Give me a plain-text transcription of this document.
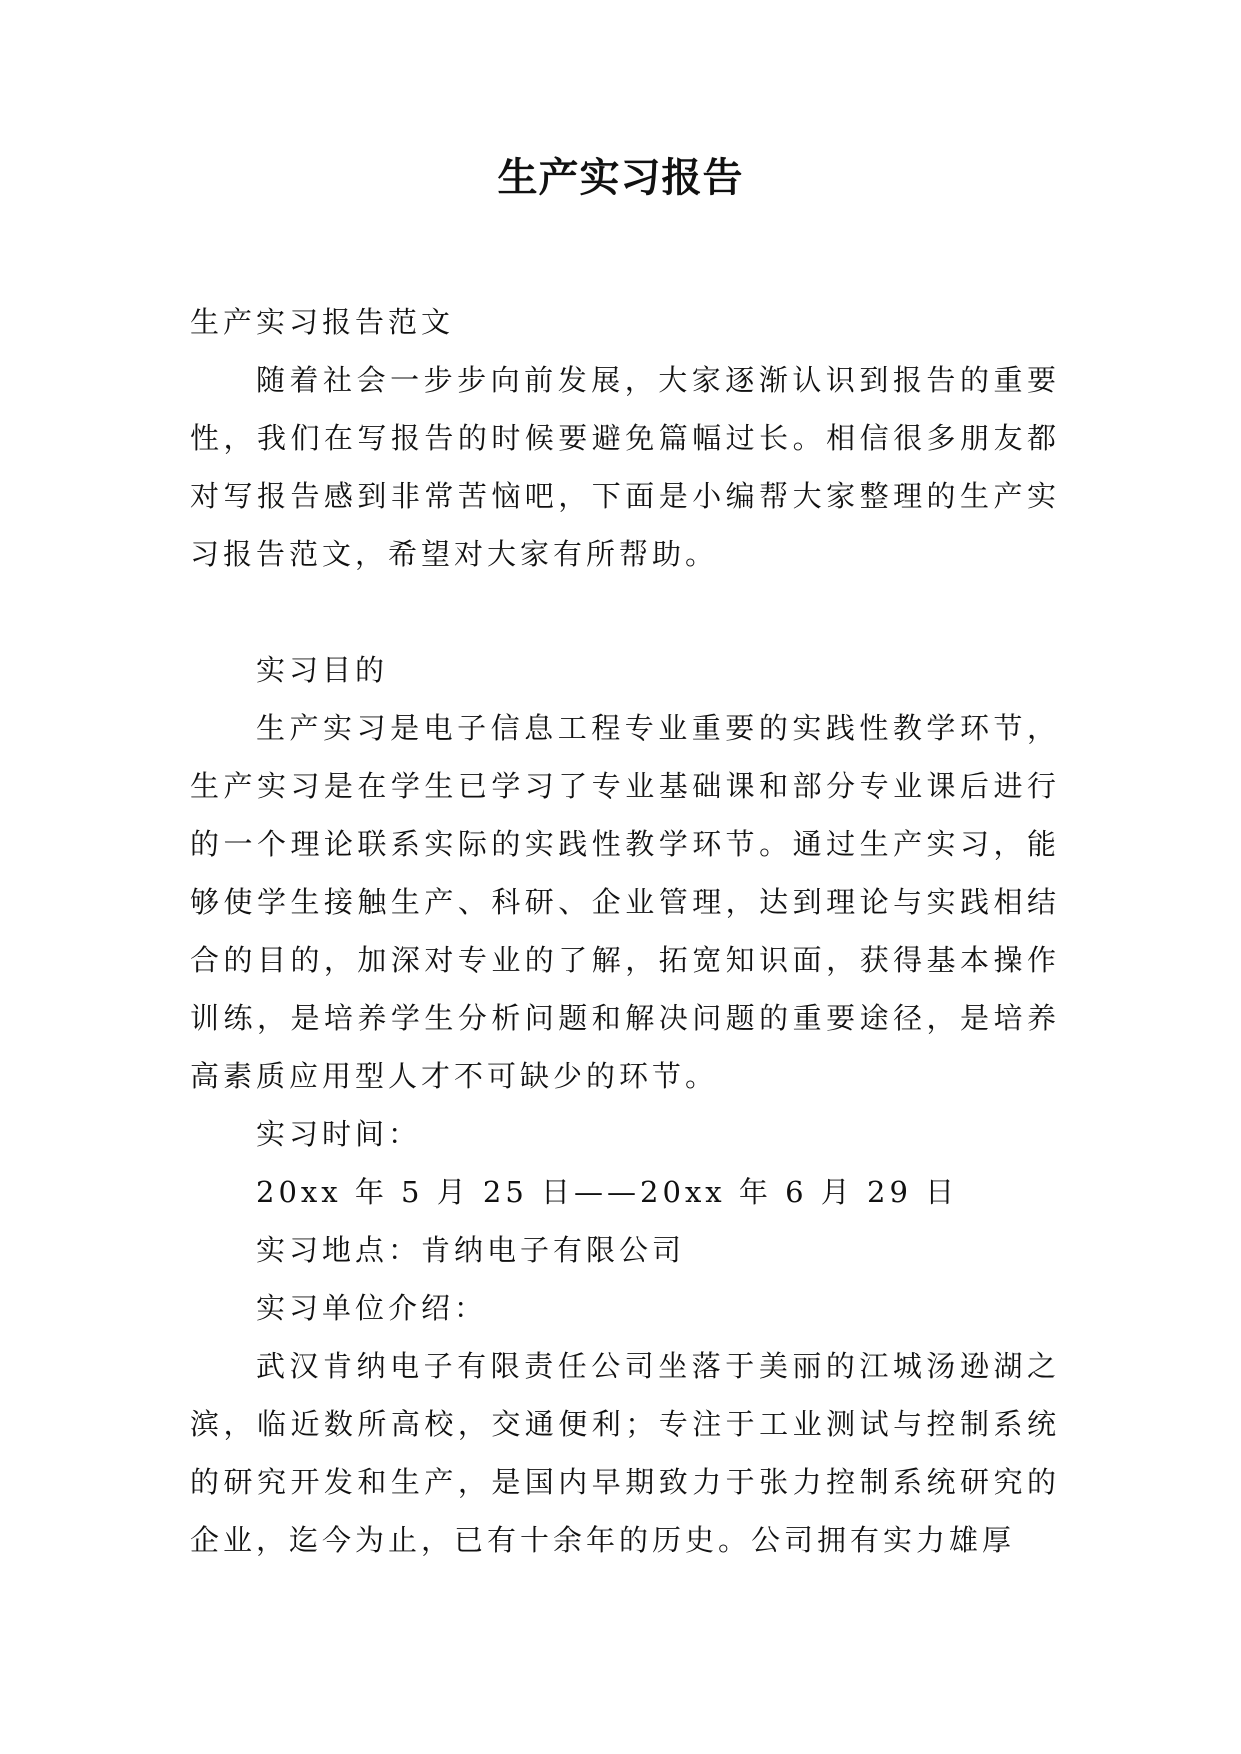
生产实习报告

生产实习报告范文

随着社会一步步向前发展，大家逐渐认识到报告的重要性，我们在写报告的时候要避免篇幅过长。相信很多朋友都对写报告感到非常苦恼吧，下面是小编帮大家整理的生产实习报告范文，希望对大家有所帮助。

实习目的

生产实习是电子信息工程专业重要的实践性教学环节，生产实习是在学生已学习了专业基础课和部分专业课后进行的一个理论联系实际的实践性教学环节。通过生产实习，能够使学生接触生产、科研、企业管理，达到理论与实践相结合的目的，加深对专业的了解，拓宽知识面，获得基本操作训练，是培养学生分析问题和解决问题的重要途径，是培养高素质应用型人才不可缺少的环节。

实习时间：

20xx 年 5 月 25 日——20xx 年 6 月 29 日

实习地点：肯纳电子有限公司

实习单位介绍：

武汉肯纳电子有限责任公司坐落于美丽的江城汤逊湖之滨，临近数所高校，交通便利；专注于工业测试与控制系统的研究开发和生产，是国内早期致力于张力控制系统研究的企业，迄今为止，已有十余年的历史。公司拥有实力雄厚
